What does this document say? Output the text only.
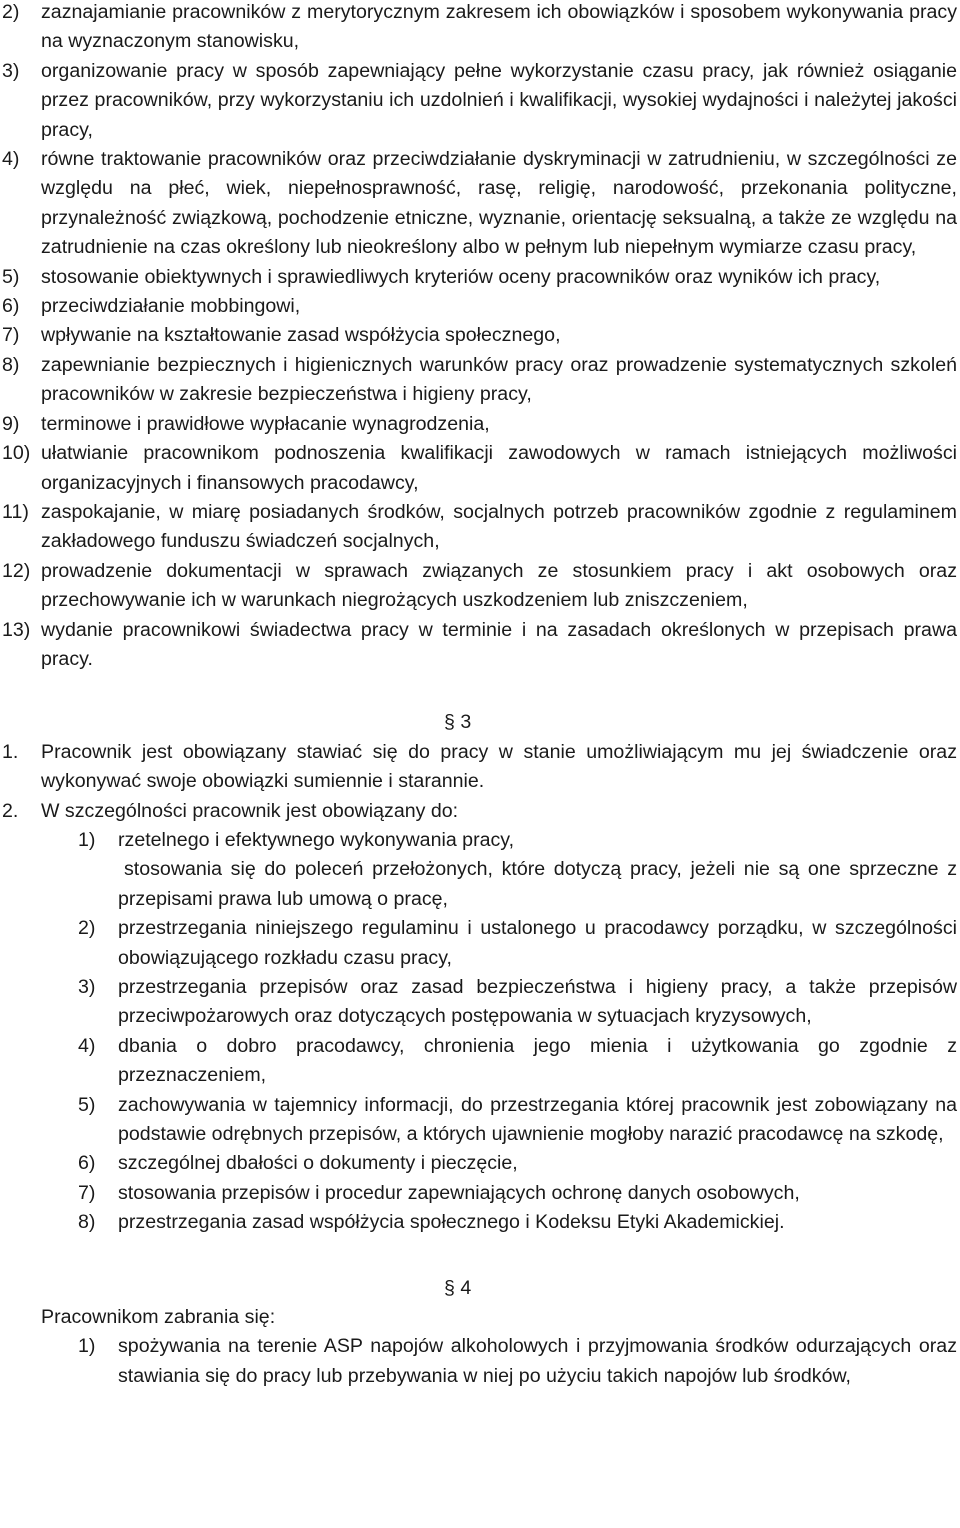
2) zaznajamianie pracowników z merytorycznym zakresem ich obowiązków i sposobem wykonywania pracy na wyznaczonym stanowisku,
3) organizowanie pracy w sposób zapewniający pełne wykorzystanie czasu pracy, jak również osiąganie przez pracowników, przy wykorzystaniu ich uzdolnień i kwalifikacji, wysokiej wydajności i należytej jakości pracy,
4) równe traktowanie pracowników oraz przeciwdziałanie dyskryminacji w zatrudnieniu, w szczególności ze względu na płeć, wiek, niepełnosprawność, rasę, religię, narodowość, przekonania polityczne, przynależność związkową, pochodzenie etniczne, wyznanie, orientację seksualną, a także ze względu na zatrudnienie na czas określony lub nieokreślony albo w pełnym lub niepełnym wymiarze czasu pracy,
5) stosowanie obiektywnych i sprawiedliwych kryteriów oceny pracowników oraz wyników ich pracy,
6) przeciwdziałanie mobbingowi,
7) wpływanie na kształtowanie zasad współżycia społecznego,
8) zapewnianie bezpiecznych i higienicznych warunków pracy oraz prowadzenie systematycznych szkoleń pracowników w zakresie bezpieczeństwa i higieny pracy,
9) terminowe i prawidłowe wypłacanie wynagrodzenia,
10) ułatwianie pracownikom podnoszenia kwalifikacji zawodowych w ramach istniejących możliwości organizacyjnych i finansowych pracodawcy,
11) zaspokajanie, w miarę posiadanych środków, socjalnych potrzeb pracowników zgodnie z regulaminem zakładowego funduszu świadczeń socjalnych,
12) prowadzenie dokumentacji w sprawach związanych ze stosunkiem pracy i akt osobowych oraz przechowywanie ich w warunkach niegrożących uszkodzeniem lub zniszczeniem,
13) wydanie pracownikowi świadectwa pracy w terminie i na zasadach określonych w przepisach prawa pracy.
§ 3
1. Pracownik jest obowiązany stawiać się do pracy w stanie umożliwiającym mu jej świadczenie oraz wykonywać swoje obowiązki sumiennie i starannie.
2. W szczególności pracownik jest obowiązany do:
1) rzetelnego i efektywnego wykonywania pracy,
stosowania się do poleceń przełożonych, które dotyczą pracy, jeżeli nie są one sprzeczne z przepisami prawa lub umową o pracę,
2) przestrzegania niniejszego regulaminu i ustalonego u pracodawcy porządku, w szczególności obowiązującego rozkładu czasu pracy,
3) przestrzegania przepisów oraz zasad bezpieczeństwa i higieny pracy, a także przepisów przeciwpożarowych oraz dotyczących postępowania w sytuacjach kryzysowych,
4) dbania o dobro pracodawcy, chronienia jego mienia i użytkowania go zgodnie z przeznaczeniem,
5) zachowywania w tajemnicy informacji, do przestrzegania której pracownik jest zobowiązany na podstawie odrębnych przepisów, a których ujawnienie mogłoby narazić pracodawcę na szkodę,
6) szczególnej dbałości o dokumenty i pieczęcie,
7) stosowania przepisów i procedur zapewniających ochronę danych osobowych,
8) przestrzegania zasad współżycia społecznego i Kodeksu Etyki Akademickiej.
§ 4
Pracownikom zabrania się:
1) spożywania na terenie ASP napojów alkoholowych i przyjmowania środków odurzających oraz stawiania się do pracy lub przebywania w niej po użyciu takich napojów lub środków,
